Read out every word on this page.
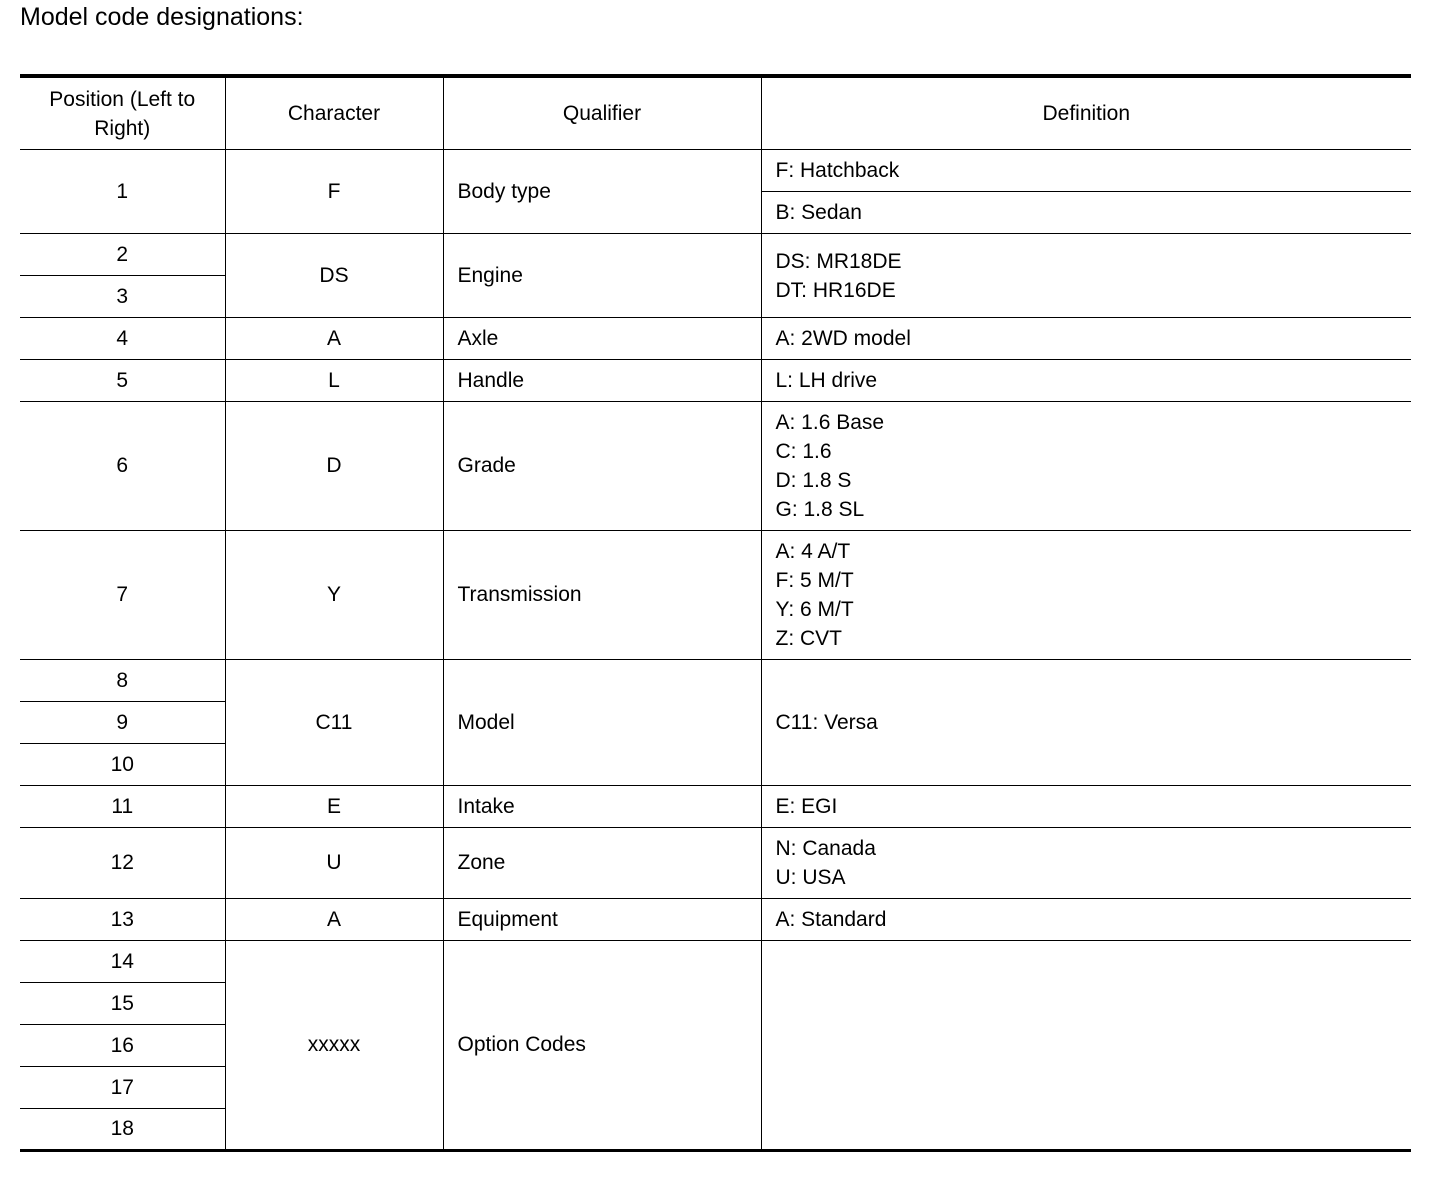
Model code designations:
Position (Left to Right)	Character	Qualifier	Definition
1	F	Body type	F: Hatchback
			B: Sedan
2	DS	Engine	DS: MR18DE
DT: HR16DE

3			
4	A	Axle	A: 2WD model
5	L	Handle	L: LH drive
6	D	Grade	A: 1.6 Base
C: 1.6
D: 1.8 S
G: 1.8 SL

7	Y	Transmission	A: 4 A/T
F: 5 M/T
Y: 6 M/T
Z: CVT

8	C11	Model	C11: Versa
9			
10			
11	E	Intake	E: EGI
12	U	Zone	N: Canada
U: USA

13	A	Equipment	A: Standard
14	xxxxx	Option Codes	
15			
16			
17			
18			
